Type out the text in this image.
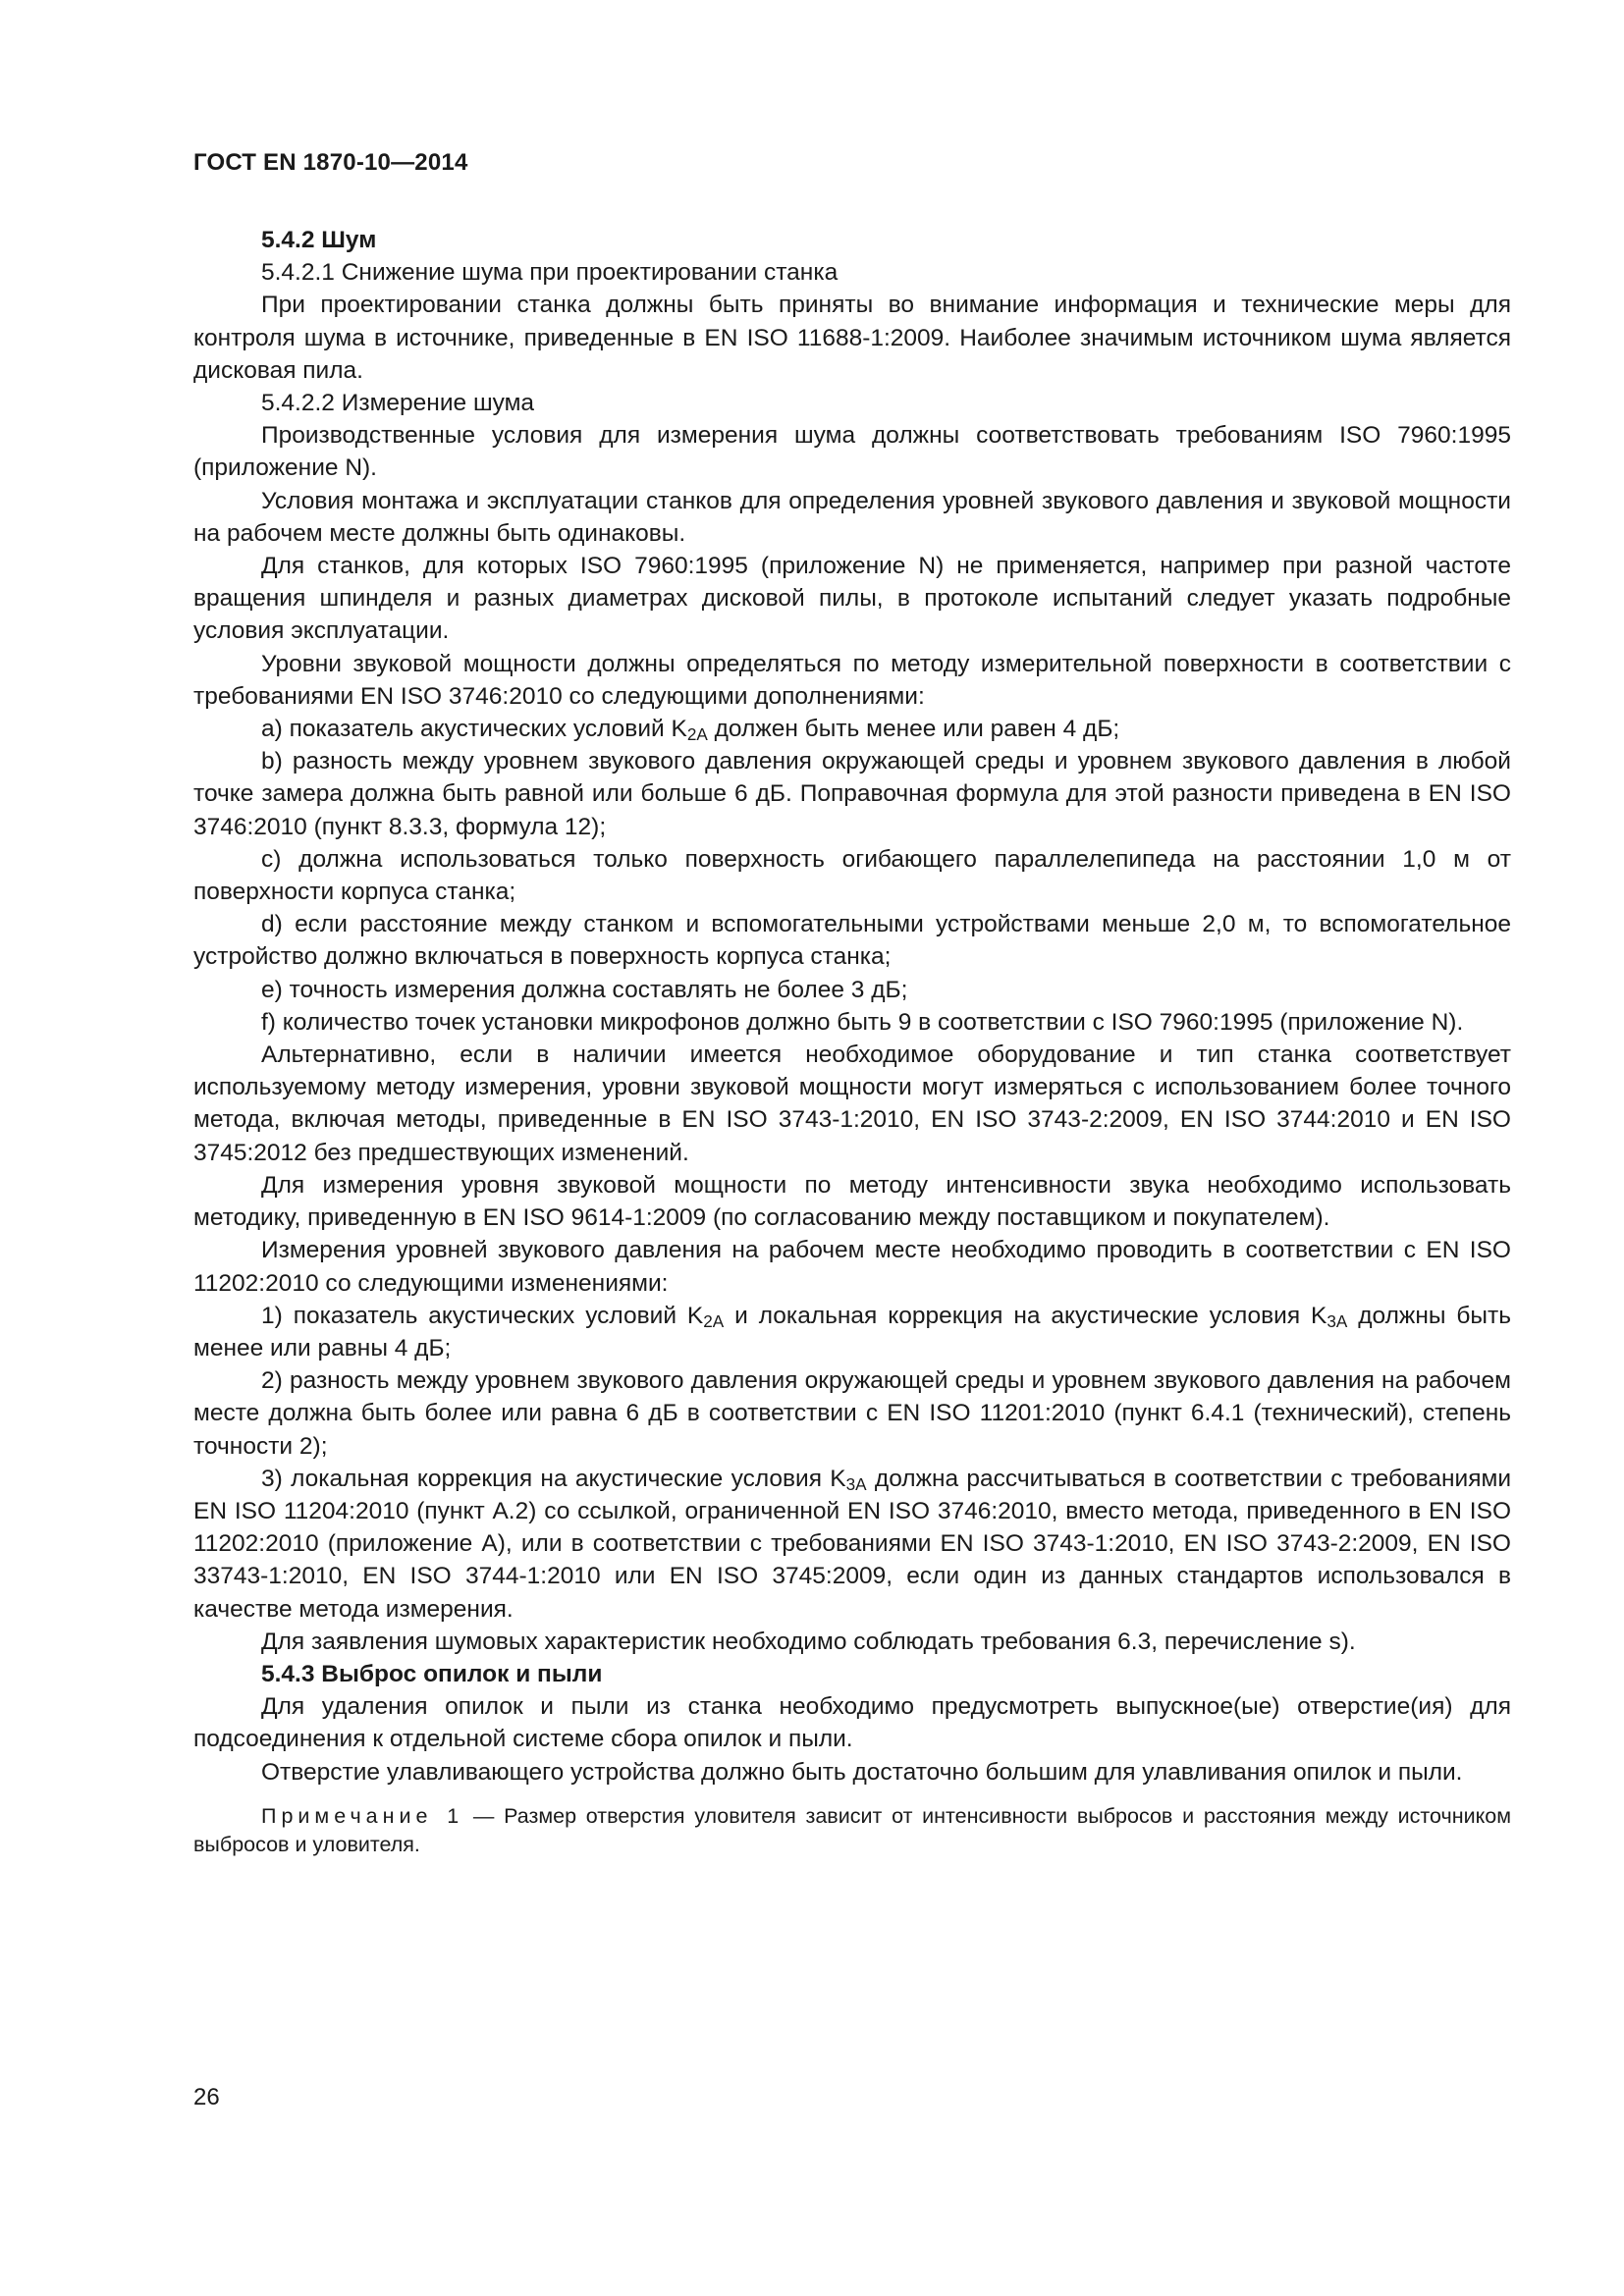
ГОСТ EN 1870-10—2014

5.4.2 Шум

5.4.2.1 Снижение шума при проектировании станка

При проектировании станка должны быть приняты во внимание информация и технические меры для контроля шума в источнике, приведенные в EN ISO 11688-1:2009. Наиболее значимым источником шума является дисковая пила.

5.4.2.2 Измерение шума

Производственные условия для измерения шума должны соответствовать требованиям ISO 7960:1995 (приложение N).

Условия монтажа и эксплуатации станков для определения уровней звукового давления и звуковой мощности на рабочем месте должны быть одинаковы.

Для станков, для которых ISO 7960:1995 (приложение N) не применяется, например при разной частоте вращения шпинделя и разных диаметрах дисковой пилы, в протоколе испытаний следует указать подробные условия эксплуатации.

Уровни звуковой мощности должны определяться по методу измерительной поверхности в соответствии с требованиями EN ISO 3746:2010 со следующими дополнениями:

a) показатель акустических условий $K_{2A}$ должен быть менее или равен 4 дБ;

b) разность между уровнем звукового давления окружающей среды и уровнем звукового давления в любой точке замера должна быть равной или больше 6 дБ. Поправочная формула для этой разности приведена в EN ISO 3746:2010 (пункт 8.3.3, формула 12);

c) должна использоваться только поверхность огибающего параллелепипеда на расстоянии 1,0 м от поверхности корпуса станка;

d) если расстояние между станком и вспомогательными устройствами меньше 2,0 м, то вспомогательное устройство должно включаться в поверхность корпуса станка;

e) точность измерения должна составлять не более 3 дБ;

f) количество точек установки микрофонов должно быть 9 в соответствии с ISO 7960:1995 (приложение N).

Альтернативно, если в наличии имеется необходимое оборудование и тип станка соответствует используемому методу измерения, уровни звуковой мощности могут измеряться с использованием более точного метода, включая методы, приведенные в EN ISO 3743-1:2010, EN ISO 3743-2:2009, EN ISO 3744:2010 и EN ISO 3745:2012 без предшествующих изменений.

Для измерения уровня звуковой мощности по методу интенсивности звука необходимо использовать методику, приведенную в EN ISO 9614-1:2009 (по согласованию между поставщиком и покупателем).

Измерения уровней звукового давления на рабочем месте необходимо проводить в соответствии с EN ISO 11202:2010 со следующими изменениями:

1) показатель акустических условий $K_{2A}$ и локальная коррекция на акустические условия $K_{3A}$ должны быть менее или равны 4 дБ;

2) разность между уровнем звукового давления окружающей среды и уровнем звукового давления на рабочем месте должна быть более или равна 6 дБ в соответствии с EN ISO 11201:2010 (пункт 6.4.1 (технический), степень точности 2);

3) локальная коррекция на акустические условия $K_{3A}$ должна рассчитываться в соответствии с требованиями EN ISO 11204:2010 (пункт А.2) со ссылкой, ограниченной EN ISO 3746:2010, вместо метода, приведенного в EN ISO 11202:2010 (приложение А), или в соответствии с требованиями EN ISO 3743-1:2010, EN ISO 3743-2:2009, EN ISO 33743-1:2010, EN ISO 3744-1:2010 или EN ISO 3745:2009, если один из данных стандартов использовался в качестве метода измерения.

Для заявления шумовых характеристик необходимо соблюдать требования 6.3, перечисление s).

5.4.3 Выброс опилок и пыли

Для удаления опилок и пыли из станка необходимо предусмотреть выпускное(ые) отверстие(ия) для подсоединения к отдельной системе сбора опилок и пыли.

Отверстие улавливающего устройства должно быть достаточно большим для улавливания опилок и пыли.

Примечание 1 — Размер отверстия уловителя зависит от интенсивности выбросов и расстояния между источником выбросов и уловителя.

26
